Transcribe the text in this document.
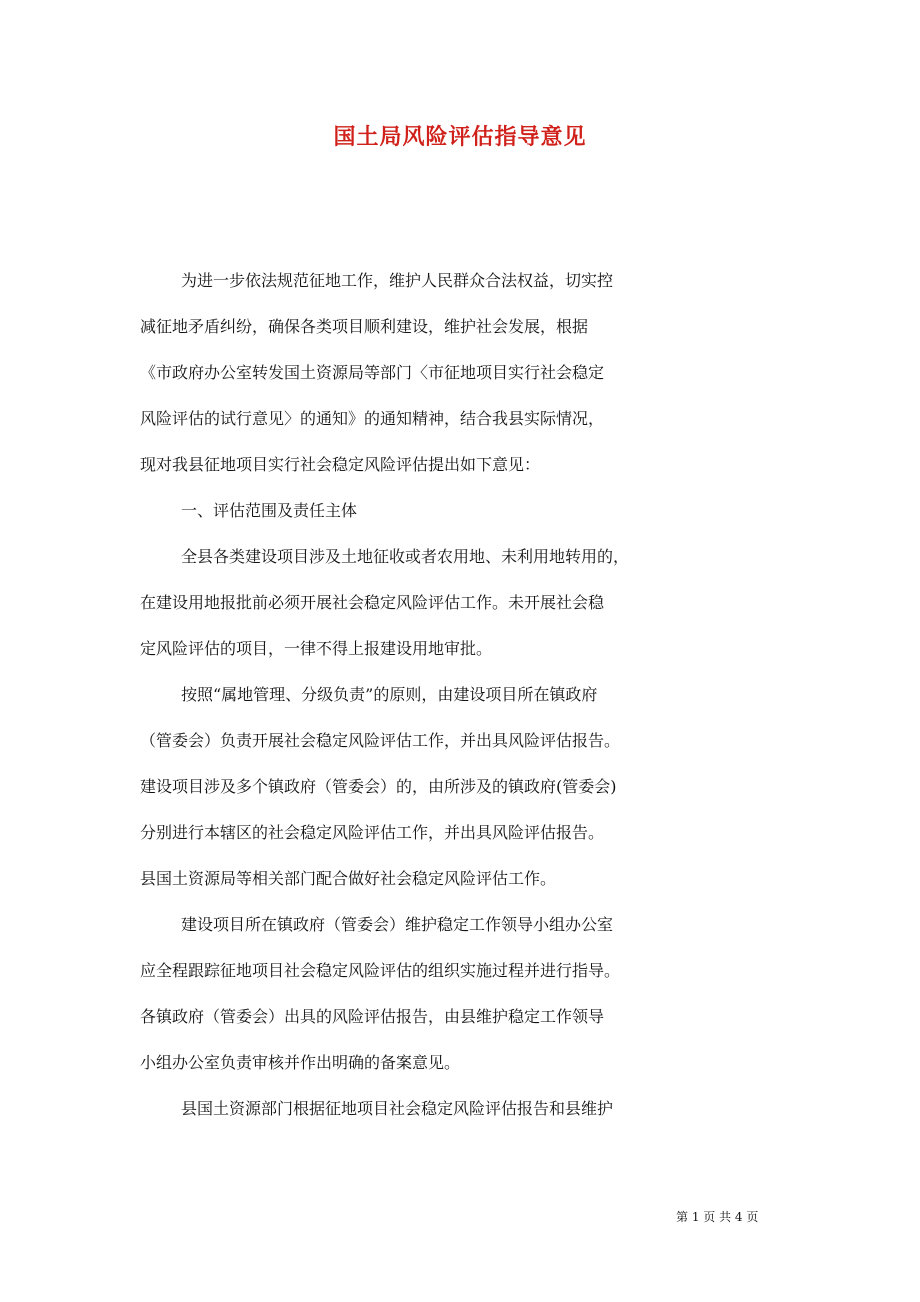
国土局风险评估指导意见
为进一步依法规范征地工作，维护人民群众合法权益，切实控
减征地矛盾纠纷，确保各类项目顺利建设，维护社会发展，根据
《市政府办公室转发国土资源局等部门〈市征地项目实行社会稳定
风险评估的试行意见〉的通知》的通知精神，结合我县实际情况，
现对我县征地项目实行社会稳定风险评估提出如下意见：
一、评估范围及责任主体
全县各类建设项目涉及土地征收或者农用地、未利用地转用的，
在建设用地报批前必须开展社会稳定风险评估工作。未开展社会稳
定风险评估的项目，一律不得上报建设用地审批。
按照“属地管理、分级负责”的原则，由建设项目所在镇政府
（管委会）负责开展社会稳定风险评估工作，并出具风险评估报告。
建设项目涉及多个镇政府（管委会）的，由所涉及的镇政府(管委会)
分别进行本辖区的社会稳定风险评估工作，并出具风险评估报告。
县国土资源局等相关部门配合做好社会稳定风险评估工作。
建设项目所在镇政府（管委会）维护稳定工作领导小组办公室
应全程跟踪征地项目社会稳定风险评估的组织实施过程并进行指导。
各镇政府（管委会）出具的风险评估报告，由县维护稳定工作领导
小组办公室负责审核并作出明确的备案意见。
县国土资源部门根据征地项目社会稳定风险评估报告和县维护
第 1 页 共 4 页
